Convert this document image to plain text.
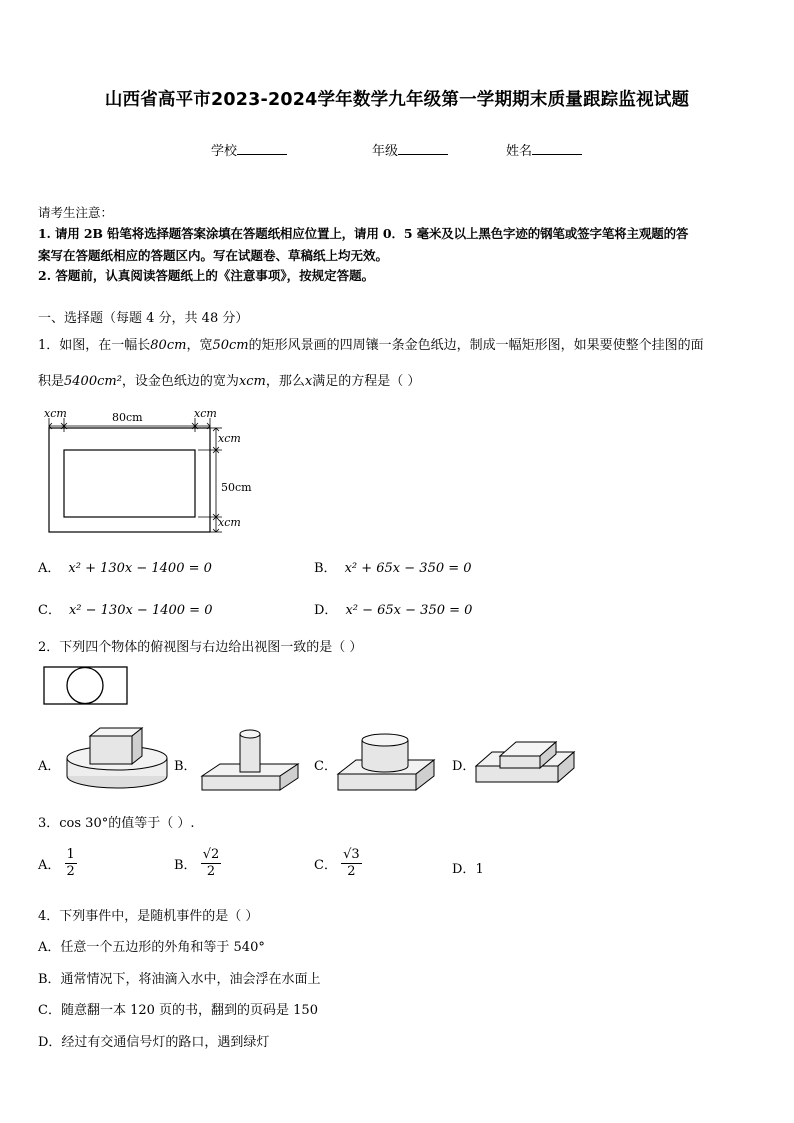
山西省高平市2023-2024学年数学九年级第一学期期末质量跟踪监视试题
学校	年级	姓名
请考生注意：
1. 请用 2B 铅笔将选择题答案涂填在答题纸相应位置上，请用 0．5 毫米及以上黑色字迹的钢笔或签字笔将主观题的答
案写在答题纸相应的答题区内。写在试题卷、草稿纸上均无效。
2. 答题前，认真阅读答题纸上的《注意事项》，按规定答题。
一、选择题（每题 4 分，共 48 分）
1．如图，在一幅长80cm，宽50cm的矩形风景画的四周镶一条金色纸边，制成一幅矩形图，如果要使整个挂图的面
积是5400cm²，设金色纸边的宽为xcm，那么x满足的方程是（ ）
xcm	80cm	xcm
xcm
50cm
xcm
A． x² + 130x − 1400 = 0	B． x² + 65x − 350 = 0
C． x² − 130x − 1400 = 0	D． x² − 65x − 350 = 0
2．下列四个物体的俯视图与右边给出视图一致的是（ ）
A．	B．	C．	D．
3．cos 30°的值等于（ ）.
A． $\frac{1}{2}$	B． $\frac{√2}{2}$	C． $\frac{√3}{2}$	D．1
4．下列事件中，是随机事件的是（ ）
A．任意一个五边形的外角和等于 540°
B．通常情况下，将油滴入水中，油会浮在水面上
C．随意翻一本 120 页的书，翻到的页码是 150
D．经过有交通信号灯的路口，遇到绿灯
